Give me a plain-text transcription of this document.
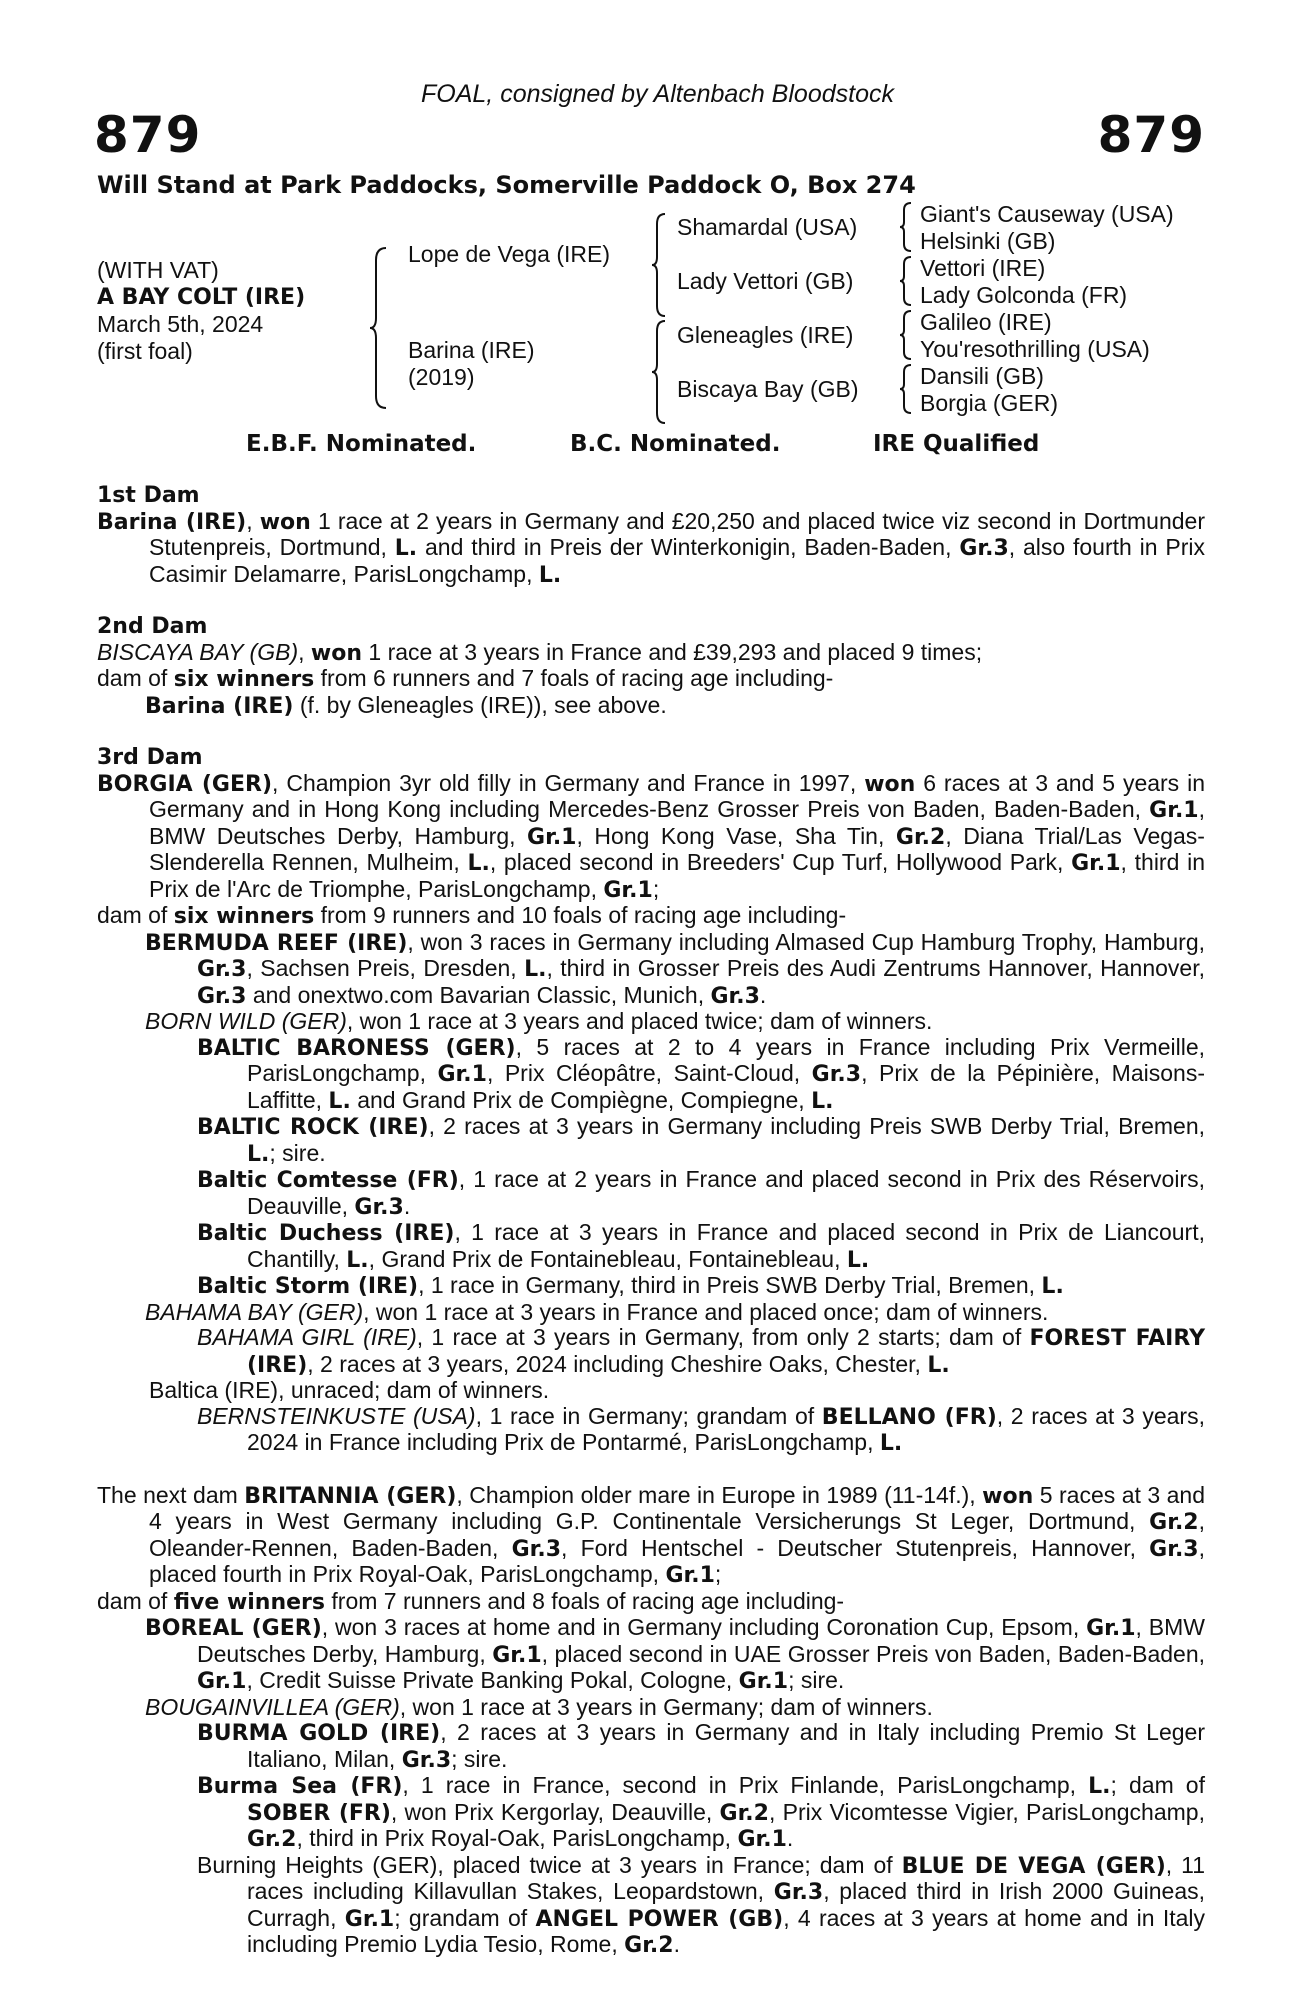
FOAL, consigned by Altenbach Bloodstock
879	879
Will Stand at Park Paddocks, Somerville Paddock O, Box 274
(WITH VAT)
A BAY COLT (IRE)
March 5th, 2024
(first foal)
Lope de Vega (IRE)
Barina (IRE)
(2019)
Shamardal (USA)
Lady Vettori (GB)
Gleneagles (IRE)
Biscaya Bay (GB)
Giant's Causeway (USA)
Helsinki (GB)
Vettori (IRE)
Lady Golconda (FR)
Galileo (IRE)
You'resothrilling (USA)
Dansili (GB)
Borgia (GER)
E.B.F. Nominated.	B.C. Nominated.	IRE Qualified
1st Dam
Barina (IRE), won 1 race at 2 years in Germany and £20,250 and placed twice viz second in Dortmunder Stutenpreis, Dortmund, L. and third in Preis der Winterkonigin, Baden-Baden, Gr.3, also fourth in Prix Casimir Delamarre, ParisLongchamp, L.
2nd Dam
BISCAYA BAY (GB), won 1 race at 3 years in France and £39,293 and placed 9 times;
dam of six winners from 6 runners and 7 foals of racing age including-
Barina (IRE) (f. by Gleneagles (IRE)), see above.
3rd Dam
BORGIA (GER), Champion 3yr old filly in Germany and France in 1997, won 6 races at 3 and 5 years in Germany and in Hong Kong including Mercedes-Benz Grosser Preis von Baden, Baden-Baden, Gr.1, BMW Deutsches Derby, Hamburg, Gr.1, Hong Kong Vase, Sha Tin, Gr.2, Diana Trial/Las Vegas-Slenderella Rennen, Mulheim, L., placed second in Breeders' Cup Turf, Hollywood Park, Gr.1, third in Prix de l'Arc de Triomphe, ParisLongchamp, Gr.1;
dam of six winners from 9 runners and 10 foals of racing age including-
BERMUDA REEF (IRE), won 3 races in Germany including Almased Cup Hamburg Trophy, Hamburg, Gr.3, Sachsen Preis, Dresden, L., third in Grosser Preis des Audi Zentrums Hannover, Hannover, Gr.3 and onextwo.com Bavarian Classic, Munich, Gr.3.
BORN WILD (GER), won 1 race at 3 years and placed twice; dam of winners.
BALTIC BARONESS (GER), 5 races at 2 to 4 years in France including Prix Vermeille, ParisLongchamp, Gr.1, Prix Cléopâtre, Saint-Cloud, Gr.3, Prix de la Pépinière, Maisons-Laffitte, L. and Grand Prix de Compiègne, Compiegne, L.
BALTIC ROCK (IRE), 2 races at 3 years in Germany including Preis SWB Derby Trial, Bremen, L.; sire.
Baltic Comtesse (FR), 1 race at 2 years in France and placed second in Prix des Réservoirs, Deauville, Gr.3.
Baltic Duchess (IRE), 1 race at 3 years in France and placed second in Prix de Liancourt, Chantilly, L., Grand Prix de Fontainebleau, Fontainebleau, L.
Baltic Storm (IRE), 1 race in Germany, third in Preis SWB Derby Trial, Bremen, L.
BAHAMA BAY (GER), won 1 race at 3 years in France and placed once; dam of winners.
BAHAMA GIRL (IRE), 1 race at 3 years in Germany, from only 2 starts; dam of FOREST FAIRY (IRE), 2 races at 3 years, 2024 including Cheshire Oaks, Chester, L.
Baltica (IRE), unraced; dam of winners.
BERNSTEINKUSTE (USA), 1 race in Germany; grandam of BELLANO (FR), 2 races at 3 years, 2024 in France including Prix de Pontarmé, ParisLongchamp, L.
The next dam BRITANNIA (GER), Champion older mare in Europe in 1989 (11-14f.), won 5 races at 3 and 4 years in West Germany including G.P. Continentale Versicherungs St Leger, Dortmund, Gr.2, Oleander-Rennen, Baden-Baden, Gr.3, Ford Hentschel - Deutscher Stutenpreis, Hannover, Gr.3, placed fourth in Prix Royal-Oak, ParisLongchamp, Gr.1;
dam of five winners from 7 runners and 8 foals of racing age including-
BOREAL (GER), won 3 races at home and in Germany including Coronation Cup, Epsom, Gr.1, BMW Deutsches Derby, Hamburg, Gr.1, placed second in UAE Grosser Preis von Baden, Baden-Baden, Gr.1, Credit Suisse Private Banking Pokal, Cologne, Gr.1; sire.
BOUGAINVILLEA (GER), won 1 race at 3 years in Germany; dam of winners.
BURMA GOLD (IRE), 2 races at 3 years in Germany and in Italy including Premio St Leger Italiano, Milan, Gr.3; sire.
Burma Sea (FR), 1 race in France, second in Prix Finlande, ParisLongchamp, L.; dam of SOBER (FR), won Prix Kergorlay, Deauville, Gr.2, Prix Vicomtesse Vigier, ParisLongchamp, Gr.2, third in Prix Royal-Oak, ParisLongchamp, Gr.1.
Burning Heights (GER), placed twice at 3 years in France; dam of BLUE DE VEGA (GER), 11 races including Killavullan Stakes, Leopardstown, Gr.3, placed third in Irish 2000 Guineas, Curragh, Gr.1; grandam of ANGEL POWER (GB), 4 races at 3 years at home and in Italy including Premio Lydia Tesio, Rome, Gr.2.
